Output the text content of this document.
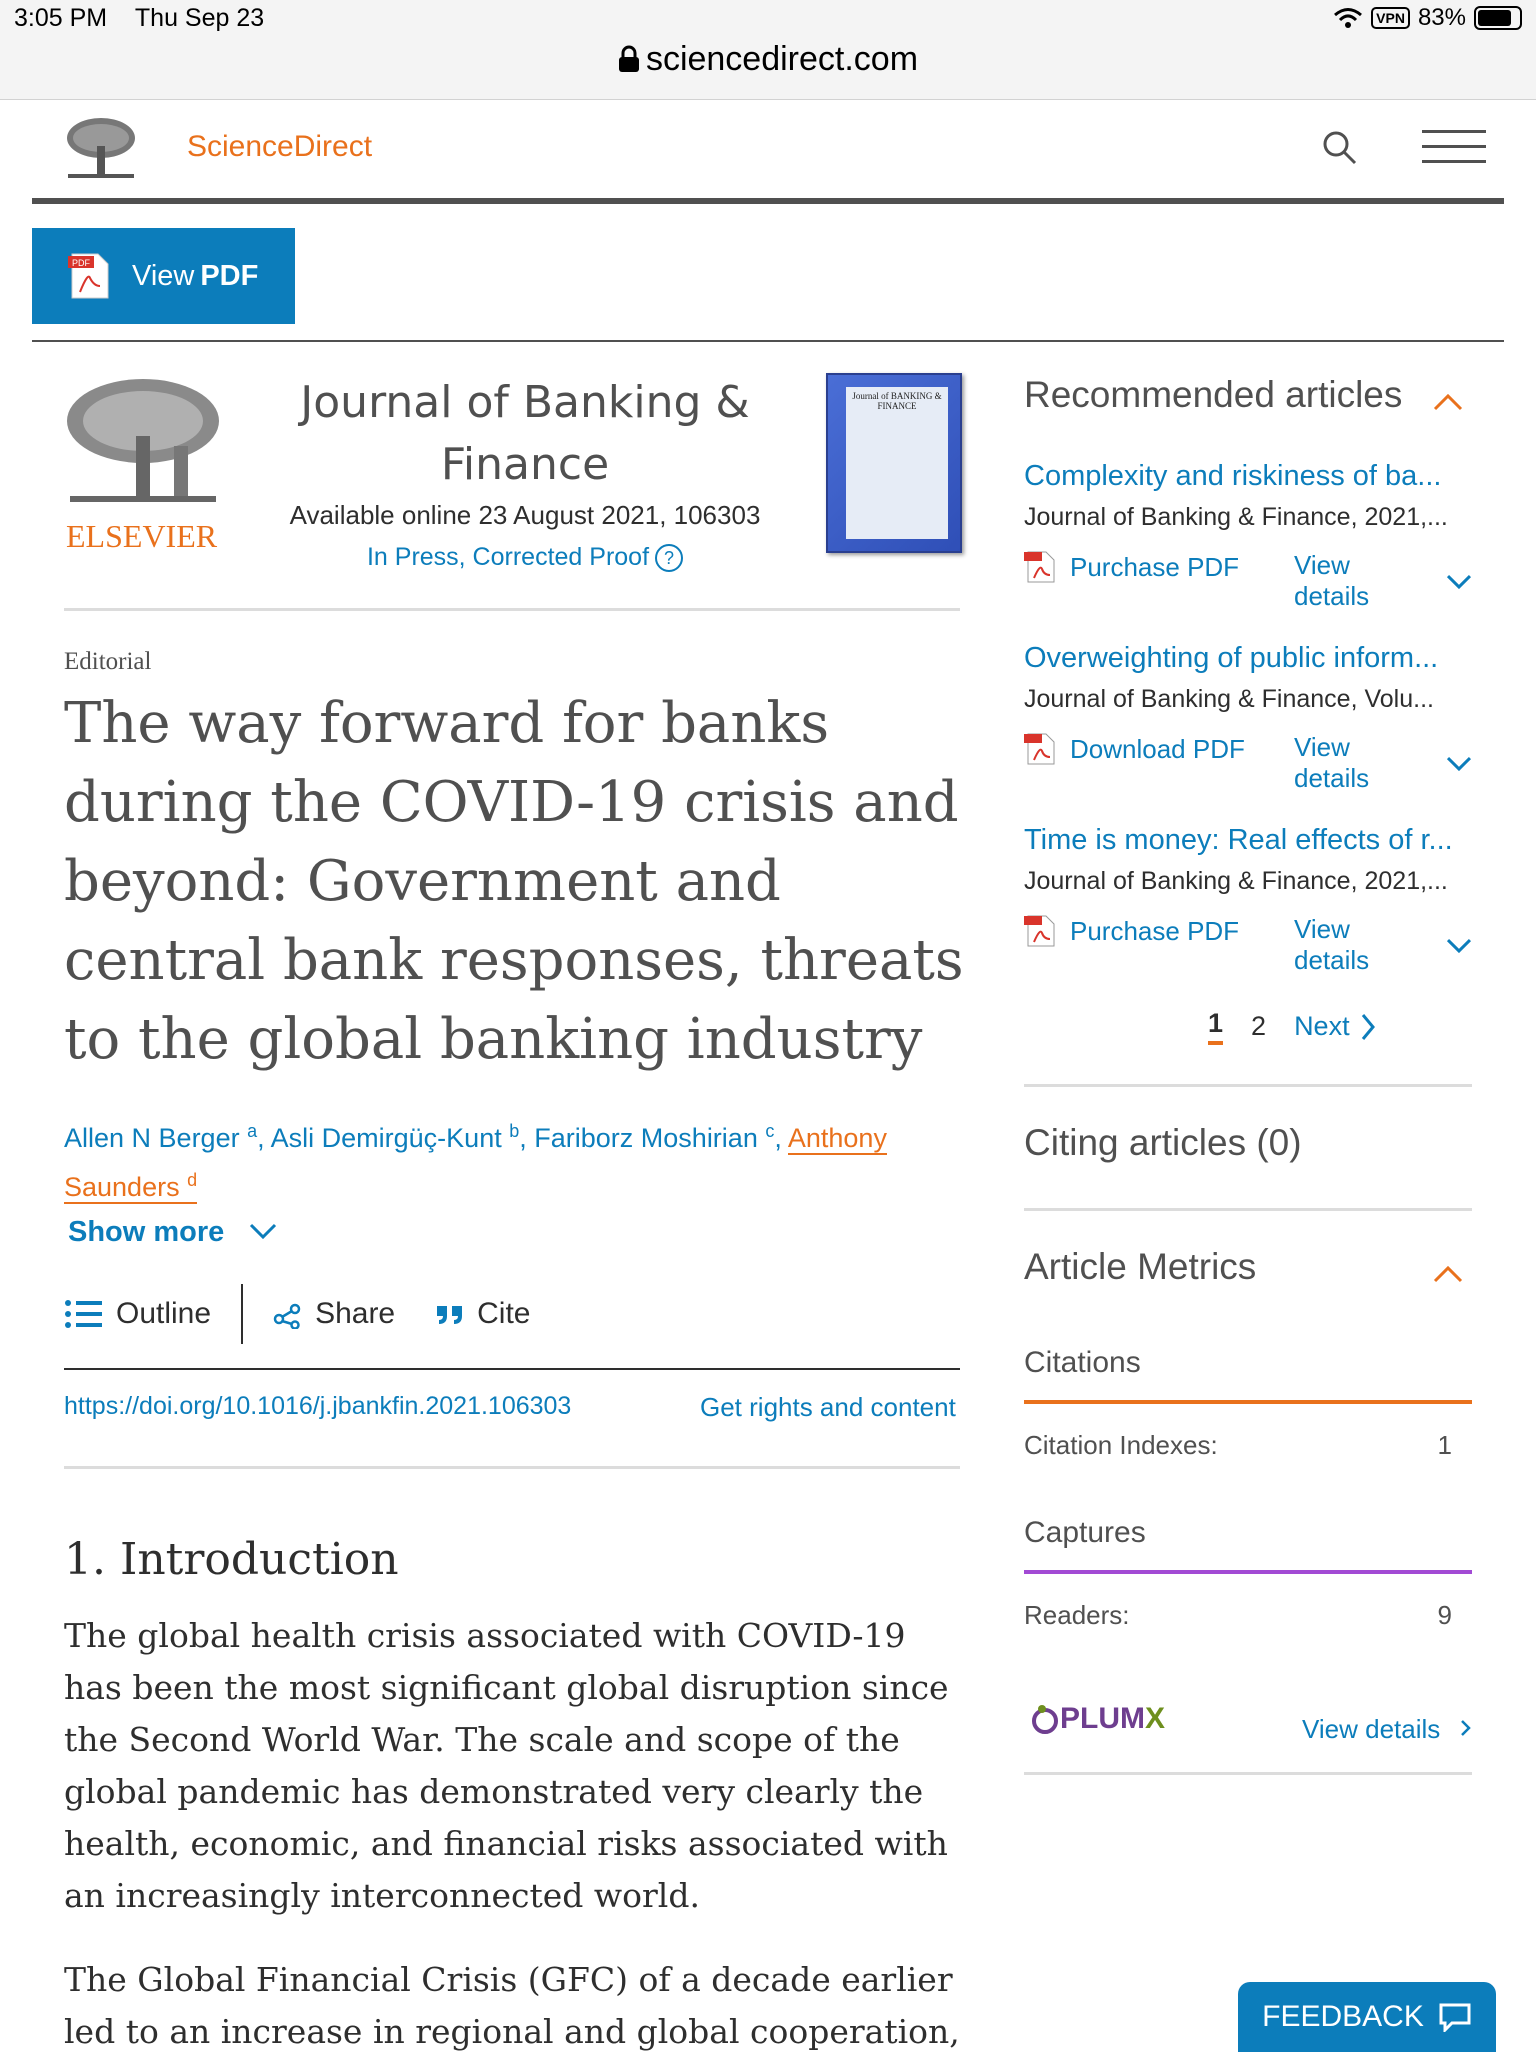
3:05 PM Thu Sep 23
sciencedirect.com
VPN 83%
ScienceDirect
PDF View PDF
ELSEVIER
Journal of Banking & Finance
Available online 23 August 2021, 106303
In Press, Corrected Proof ?
Journal of BANKING & FINANCE
Editorial
The way forward for banks during the COVID-19 crisis and beyond: Government and central bank responses, threats to the global banking industry
Allen N Berger $^a$, Asli Demirgüç-Kunt $^b$, Fariborz Moshirian $^c$, Anthony Saunders $^d$
Show more
Outline	Share	Cite
https://doi.org/10.1016/j.jbankfin.2021.106303	Get rights and content
1. Introduction
The global health crisis associated with COVID-19 has been the most significant global disruption since the Second World War. The scale and scope of the global pandemic has demonstrated very clearly the health, economic, and financial risks associated with an increasingly interconnected world.
The Global Financial Crisis (GFC) of a decade earlier led to an increase in regional and global cooperation,
Recommended articles
Complexity and riskiness of ba...
Journal of Banking & Finance, 2021,...
Purchase PDF View details
Overweighting of public inform...
Journal of Banking & Finance, Volu...
Download PDF View details
Time is money: Real effects of r...
Journal of Banking & Finance, 2021,...
Purchase PDF View details
1 2 Next
Citing articles (0)
Article Metrics
Citations
Citation Indexes:	1
Captures
Readers:	9
PLUMX	View details
FEEDBACK
